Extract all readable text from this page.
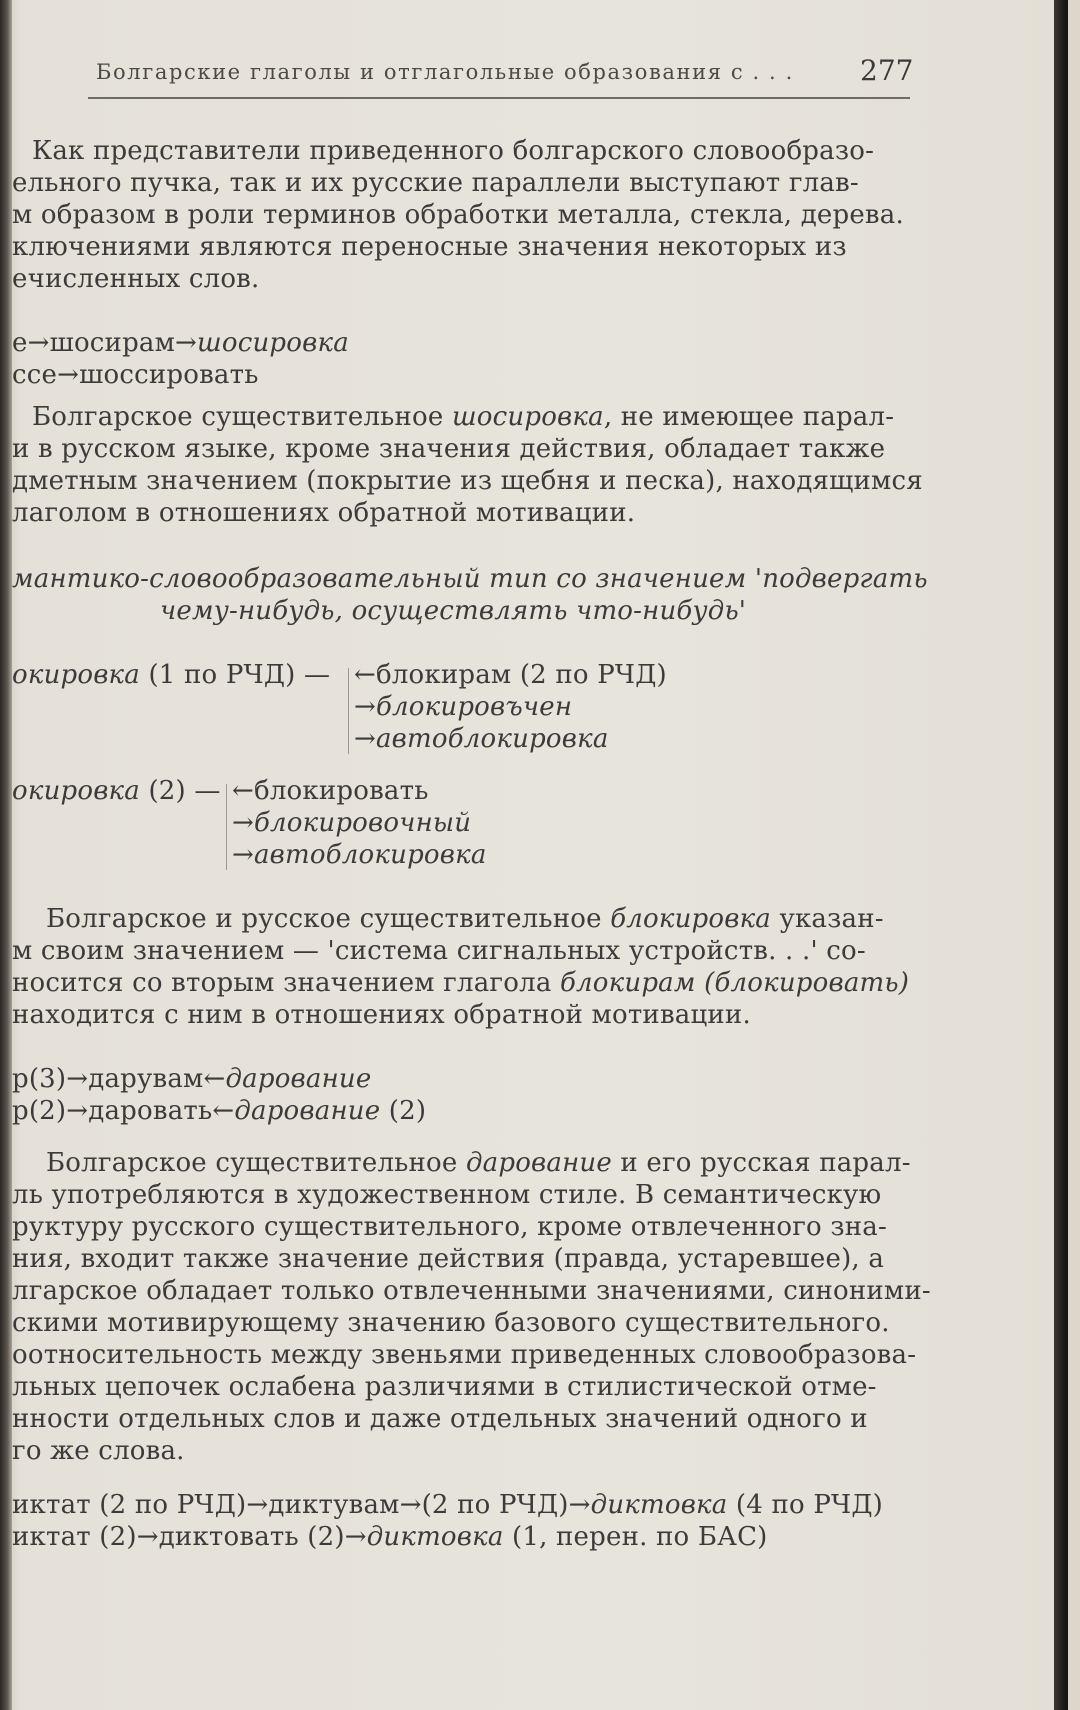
Болгарские глаголы и отглагольные образования с . . . 277
Как представители приведенного болгарского словообразо-
ельного пучка, так и их русские параллели выступают глав-
м образом в роли терминов обработки металла, стекла, дерева.
ключениями являются переносные значения некоторых из
ечисленных слов.
е→шосирам→шосировка
ссе→шоссировать
Болгарское существительное шосировка, не имеющее парал-
и в русском языке, кроме значения действия, обладает также
дметным значением (покрытие из щебня и песка), находящимся
лаголом в отношениях обратной мотивации.
мантико-словообразовательный тип со значением 'подвергать
чему-нибудь, осуществлять что-нибудь'
окировка (1 по РЧД) — ←блокирам (2 по РЧД)
→блокировъчен
→автоблокировка
окировка (2) — ←блокировать
→блокировочный
→автоблокировка
Болгарское и русское существительное блокировка указан-
м своим значением — 'система сигнальных устройств. . .' со-
носится со вторым значением глагола блокирам (блокировать)
находится с ним в отношениях обратной мотивации.
р(3)→дарувам←дарование
р(2)→даровать←дарование (2)
Болгарское существительное дарование и его русская парал-
ль употребляются в художественном стиле. В семантическую
руктуру русского существительного, кроме отвлеченного зна-
ния, входит также значение действия (правда, устаревшее), а
лгарское обладает только отвлеченными значениями, синоними-
скими мотивирующему значению базового существительного.
оотносительность между звеньями приведенных словообразова-
льных цепочек ослабена различиями в стилистической отме-
нности отдельных слов и даже отдельных значений одного и
го же слова.
иктат (2 по РЧД)→диктувам→(2 по РЧД)→диктовка (4 по РЧД)
иктат (2)→диктовать (2)→диктовка (1, перен. по БАС)
